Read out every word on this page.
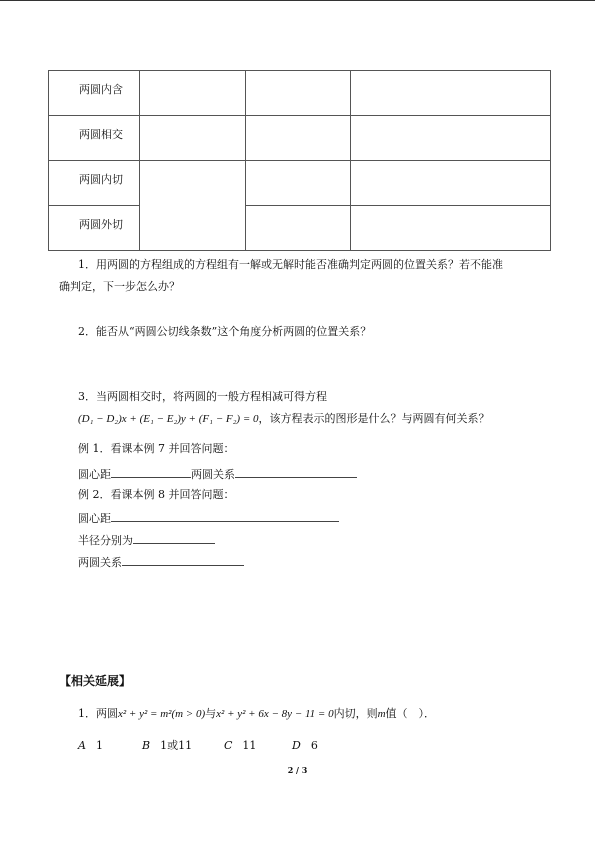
两圆内含			
两圆相交			
两圆内切			
两圆外切			
1．用两圆的方程组成的方程组有一解或无解时能否准确判定两圆的位置关系？若不能准
确判定，下一步怎么办？
2．能否从“两圆公切线条数”这个角度分析两圆的位置关系？
3．当两圆相交时，将两圆的一般方程相减可得方程
(D₁ − D₂)x + (E₁ − E₂)y + (F₁ − F₂) = 0，该方程表示的图形是什么？与两圆有何关系？
例 1．看课本例 7 并回答问题：
圆心距	两圆关系
例 2．看课本例 8 并回答问题：
圆心距
半径分别为
两圆关系
【相关延展】
1．两圆x² + y² = m²(m > 0)与x² + y² + 6x − 8y − 11 = 0内切，则m值（　）．
A 1	B 1或11	C 11	D 6
2 / 3
